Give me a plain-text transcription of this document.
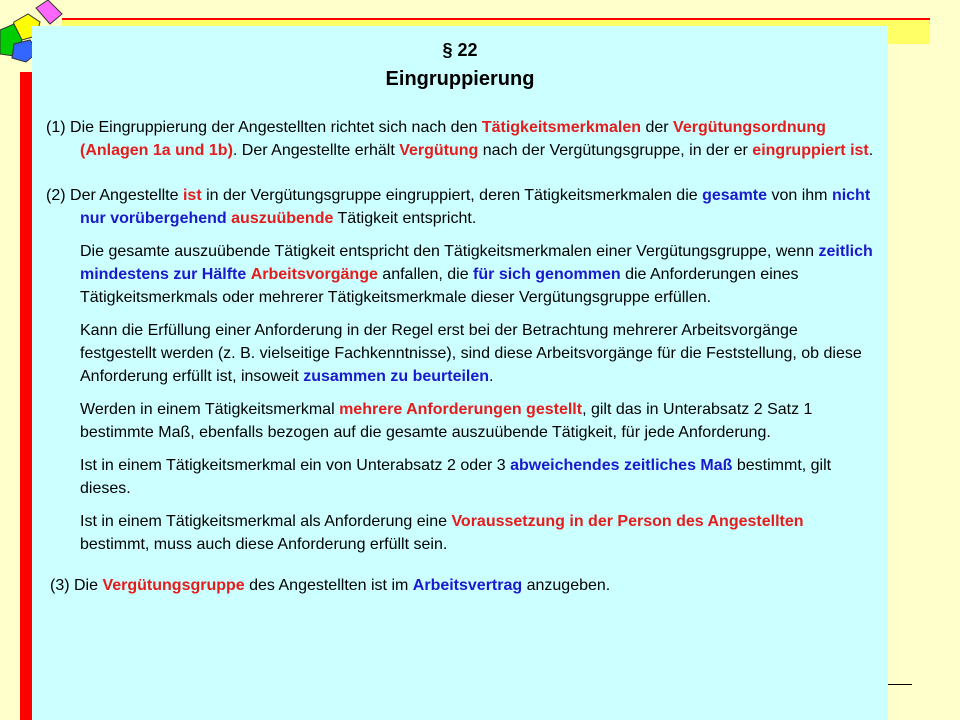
§ 22
Eingruppierung
(1) Die Eingruppierung der Angestellten richtet sich nach den Tätigkeitsmerkmalen der Vergütungsordnung (Anlagen 1a und 1b). Der Angestellte erhält Vergütung nach der Vergütungsgruppe, in der er eingruppiert ist.
(2) Der Angestellte ist in der Vergütungsgruppe eingruppiert, deren Tätigkeitsmerkmalen die gesamte von ihm nicht nur vorübergehend auszuübende Tätigkeit entspricht.
Die gesamte auszuübende Tätigkeit entspricht den Tätigkeitsmerkmalen einer Vergütungsgruppe, wenn zeitlich mindestens zur Hälfte Arbeitsvorgänge anfallen, die für sich genommen die Anforderungen eines Tätigkeitsmerkmals oder mehrerer Tätigkeitsmerkmale dieser Vergütungsgruppe erfüllen.
Kann die Erfüllung einer Anforderung in der Regel erst bei der Betrachtung mehrerer Arbeitsvorgänge festgestellt werden (z. B. vielseitige Fachkenntnisse), sind diese Arbeitsvorgänge für die Feststellung, ob diese Anforderung erfüllt ist, insoweit zusammen zu beurteilen.
Werden in einem Tätigkeitsmerkmal mehrere Anforderungen gestellt, gilt das in Unterabsatz 2 Satz 1 bestimmte Maß, ebenfalls bezogen auf die gesamte auszuübende Tätigkeit, für jede Anforderung.
Ist in einem Tätigkeitsmerkmal ein von Unterabsatz 2 oder 3 abweichendes zeitliches Maß bestimmt, gilt dieses.
Ist in einem Tätigkeitsmerkmal als Anforderung eine Voraussetzung in der Person des Angestellten bestimmt, muss auch diese Anforderung erfüllt sein.
(3) Die Vergütungsgruppe des Angestellten ist im Arbeitsvertrag anzugeben.
